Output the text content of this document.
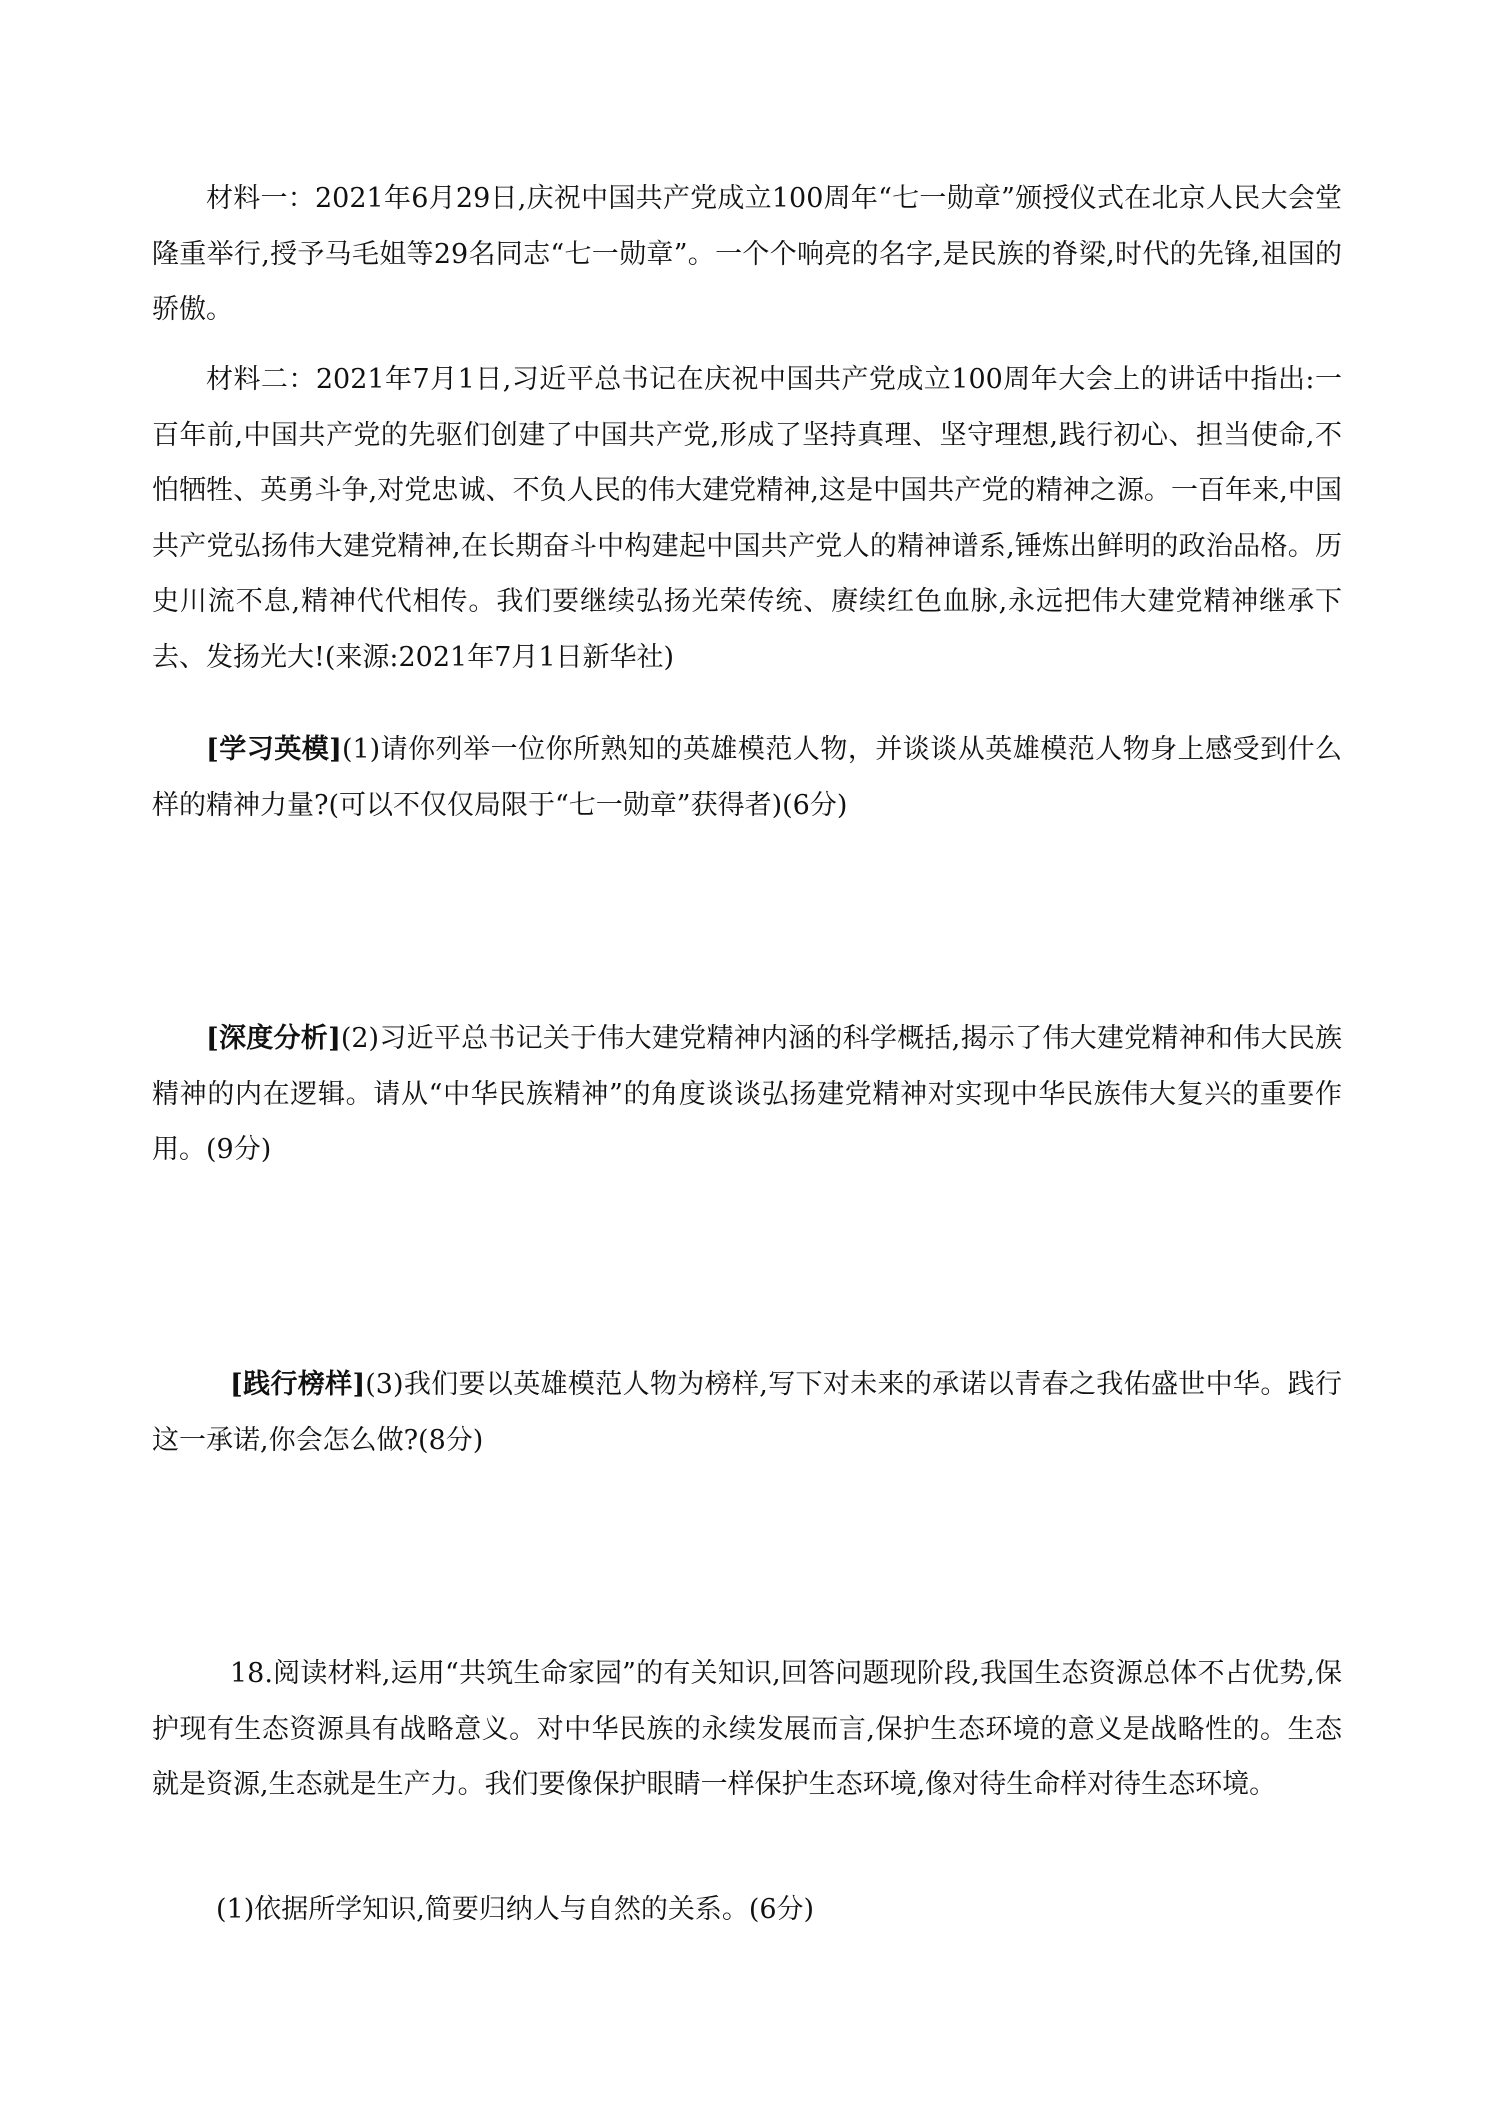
材料一：2021年6月29日,庆祝中国共产党成立100周年“七一勋章”颁授仪式在北京人民大会堂隆重举行,授予马毛姐等29名同志“七一勋章”。一个个响亮的名字,是民族的脊梁,时代的先锋,祖国的骄傲。

材料二：2021年7月1日,习近平总书记在庆祝中国共产党成立100周年大会上的讲话中指出:一百年前,中国共产党的先驱们创建了中国共产党,形成了坚持真理、坚守理想,践行初心、担当使命,不怕牺牲、英勇斗争,对党忠诚、不负人民的伟大建党精神,这是中国共产党的精神之源。一百年来,中国共产党弘扬伟大建党精神,在长期奋斗中构建起中国共产党人的精神谱系,锤炼出鲜明的政治品格。历史川流不息,精神代代相传。我们要继续弘扬光荣传统、赓续红色血脉,永远把伟大建党精神继承下去、发扬光大!(来源:2021年7月1日新华社)

[学习英模](1)请你列举一位你所熟知的英雄模范人物，并谈谈从英雄模范人物身上感受到什么样的精神力量?(可以不仅仅局限于“七一勋章”获得者)(6分)

[深度分析](2)习近平总书记关于伟大建党精神内涵的科学概括,揭示了伟大建党精神和伟大民族精神的内在逻辑。请从“中华民族精神”的角度谈谈弘扬建党精神对实现中华民族伟大复兴的重要作用。(9分)

[践行榜样](3)我们要以英雄模范人物为榜样,写下对未来的承诺以青春之我佑盛世中华。践行这一承诺,你会怎么做?(8分)

18.阅读材料,运用“共筑生命家园”的有关知识,回答问题现阶段,我国生态资源总体不占优势,保护现有生态资源具有战略意义。对中华民族的永续发展而言,保护生态环境的意义是战略性的。生态就是资源,生态就是生产力。我们要像保护眼睛一样保护生态环境,像对待生命样对待生态环境。

(1)依据所学知识,简要归纳人与自然的关系。(6分)
